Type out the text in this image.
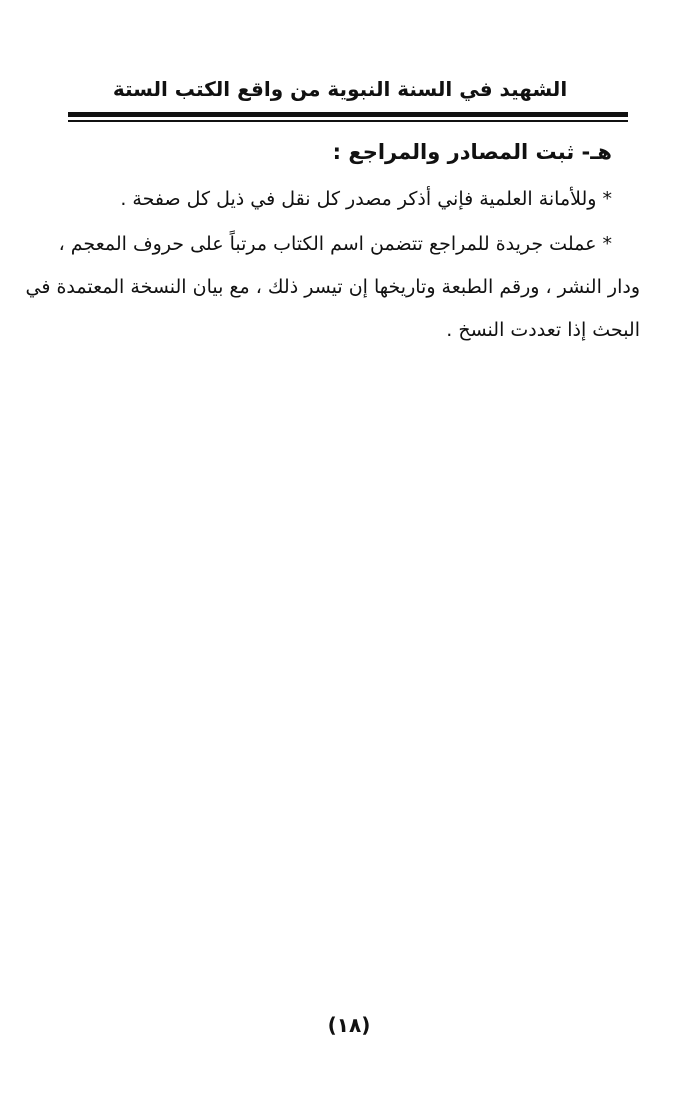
الشهيد في السنة النبوية من واقع الكتب الستة
هـ- ثبت المصادر والمراجع :
* وللأمانة العلمية فإني أذكر مصدر كل نقل في ذيل كل صفحة .
* عملت جريدة للمراجع تتضمن اسم الكتاب مرتباً على حروف المعجم ،
ودار النشر ، ورقم الطبعة وتاريخها إن تيسر ذلك ، مع بيان النسخة المعتمدة في
البحث إذا تعددت النسخ .
(١٨)
